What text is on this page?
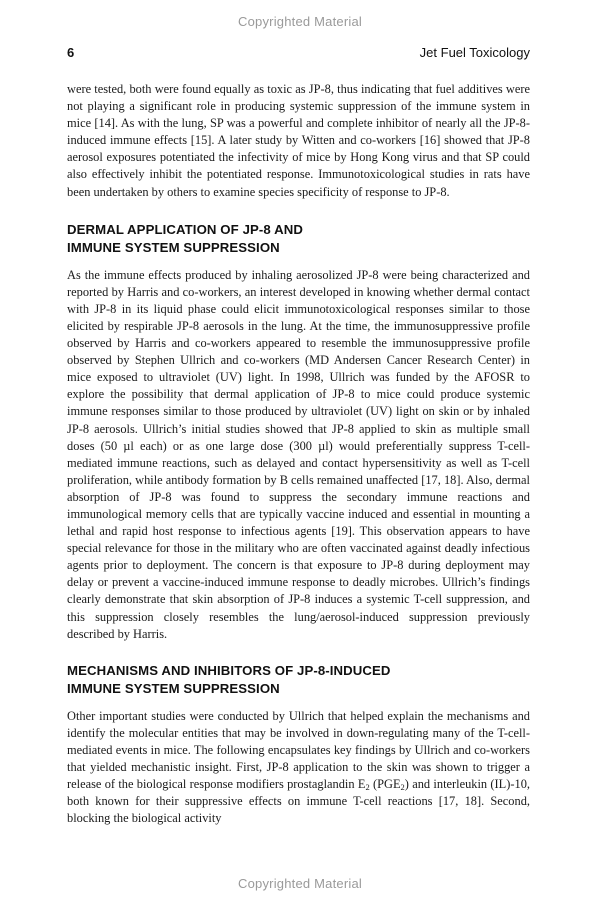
Copyrighted Material
6	Jet Fuel Toxicology

were tested, both were found equally as toxic as JP-8, thus indicating that fuel additives were not playing a significant role in producing systemic suppression of the immune system in mice [14]. As with the lung, SP was a powerful and complete inhibitor of nearly all the JP-8-induced immune effects [15]. A later study by Witten and co-workers [16] showed that JP-8 aerosol exposures potentiated the infectivity of mice by Hong Kong virus and that SP could also effectively inhibit the potentiated response. Immunotoxicological studies in rats have been undertaken by others to examine species specificity of response to JP-8.

DERMAL APPLICATION OF JP-8 AND
IMMUNE SYSTEM SUPPRESSION

As the immune effects produced by inhaling aerosolized JP-8 were being characterized and reported by Harris and co-workers, an interest developed in knowing whether dermal contact with JP-8 in its liquid phase could elicit immunotoxicological responses similar to those elicited by respirable JP-8 aerosols in the lung. At the time, the immunosuppressive profile observed by Harris and co-workers appeared to resemble the immunosuppressive profile observed by Stephen Ullrich and co-workers (MD Andersen Cancer Research Center) in mice exposed to ultraviolet (UV) light. In 1998, Ullrich was funded by the AFOSR to explore the possibility that dermal application of JP-8 to mice could produce systemic immune responses similar to those produced by ultraviolet (UV) light on skin or by inhaled JP-8 aerosols. Ullrich’s initial studies showed that JP-8 applied to skin as multiple small doses (50 µl each) or as one large dose (300 µl) would preferentially suppress T-cell-mediated immune reactions, such as delayed and contact hypersensitivity as well as T-cell proliferation, while antibody formation by B cells remained unaffected [17, 18]. Also, dermal absorption of JP-8 was found to suppress the secondary immune reactions and immunological memory cells that are typically vaccine induced and essential in mounting a lethal and rapid host response to infectious agents [19]. This observation appears to have special relevance for those in the military who are often vaccinated against deadly infectious agents prior to deployment. The concern is that exposure to JP-8 during deployment may delay or prevent a vaccine-induced immune response to deadly microbes. Ullrich’s findings clearly demonstrate that skin absorption of JP-8 induces a systemic T-cell suppression, and this suppression closely resembles the lung/aerosol-induced suppression previously described by Harris.

MECHANISMS AND INHIBITORS OF JP-8-INDUCED
IMMUNE SYSTEM SUPPRESSION

Other important studies were conducted by Ullrich that helped explain the mechanisms and identify the molecular entities that may be involved in down-regulating many of the T-cell-mediated events in mice. The following encapsulates key findings by Ullrich and co-workers that yielded mechanistic insight. First, JP-8 application to the skin was shown to trigger a release of the biological response modifiers prostaglandin $E_2$ $(PGE_2)$ and interleukin (IL)-10, both known for their suppressive effects on immune T-cell reactions [17, 18]. Second, blocking the biological activity

Copyrighted Material
